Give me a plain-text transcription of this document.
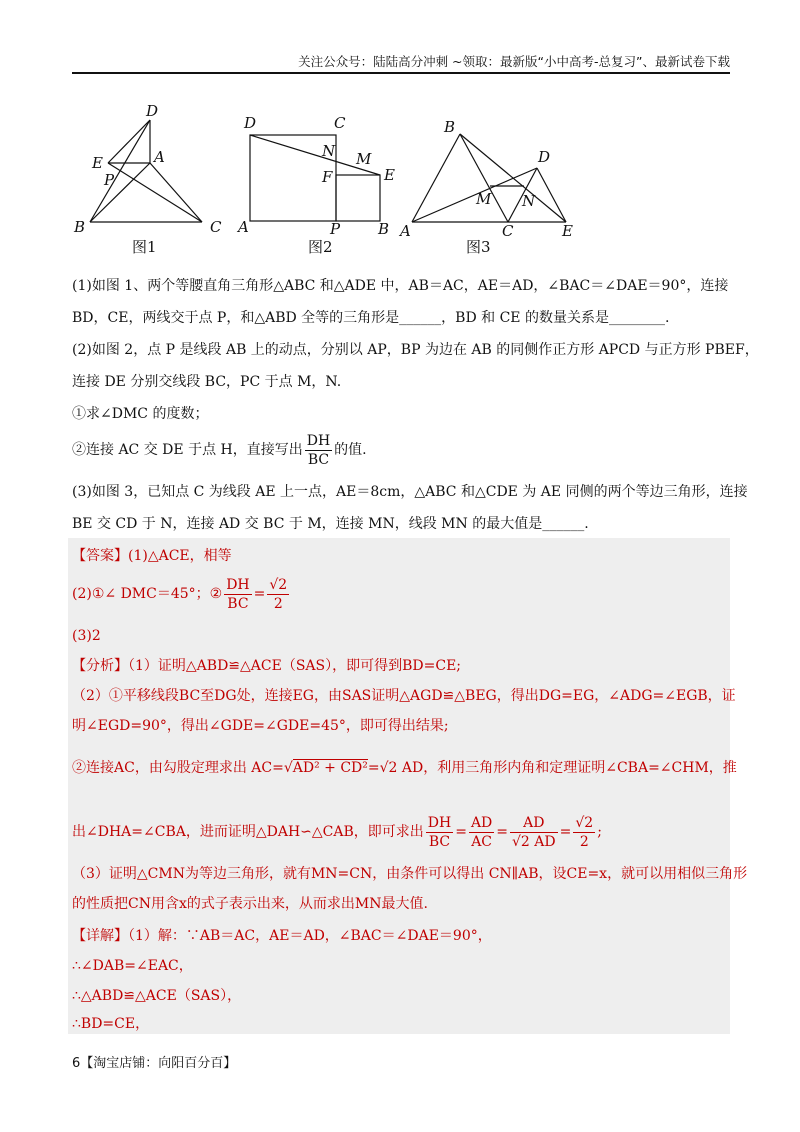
关注公众号：陆陆高分冲刺 ~领取：最新版“小中高考-总复习”、最新试卷下载
D
E	A
P
B	C
图1
D	C
N M
F	E
A	P	B
图2
B
D
M N
A	C	E
图3
(1)如图 1、两个等腰直角三角形△ABC 和△ADE 中，AB＝AC，AE＝AD，∠BAC＝∠DAE＝90°，连接
BD，CE，两线交于点 P，和△ABD 全等的三角形是______，BD 和 CE 的数量关系是________.
(2)如图 2，点 P 是线段 AB 上的动点，分别以 AP，BP 为边在 AB 的同侧作正方形 APCD 与正方形 PBEF，
连接 DE 分别交线段 BC，PC 于点 M，N.
①求∠DMC 的度数；
②连接 AC 交 DE 于点 H，直接写出 $\frac{DH}{BC}$ 的值.
(3)如图 3，已知点 C 为线段 AE 上一点，AE＝8cm，△ABC 和△CDE 为 AE 同侧的两个等边三角形，连接
BE 交 CD 于 N，连接 AD 交 BC 于 M，连接 MN，线段 MN 的最大值是______.
【答案】(1)△ACE，相等
(2)①∠ DMC＝45°；② $\frac{DH}{BC} = \frac{√2}{2}$
(3)2
【分析】（1）证明△ABD≌△ACE（SAS），即可得到BD=CE;
（2）①平移线段BC至DG处，连接EG，由SAS证明△AGD≌△BEG，得出DG=EG，∠ADG=∠EGB，证
明∠EGD=90°，得出∠GDE=∠GDE=45°，即可得出结果;
②连接AC，由勾股定理求出 AC=√AD² + CD²=√2 AD，利用三角形内角和定理证明∠CBA=∠CHM，推
出∠DHA=∠CBA，进而证明△DAH∽△CAB，即可求出 $\frac{DH}{BC} = \frac{AD}{AC} = \frac{AD}{√2 AD} = \frac{√2}{2}$ ;
（3）证明△CMN为等边三角形，就有MN=CN，由条件可以得出 CN∥AB，设CE=x，就可以用相似三角形
的性质把CN用含x的式子表示出来，从而求出MN最大值.
【详解】（1）解：∵AB＝AC，AE＝AD，∠BAC＝∠DAE＝90°，
∴∠DAB=∠EAC，
∴△ABD≌△ACE（SAS），
∴BD=CE，
6【淘宝店铺：向阳百分百】
